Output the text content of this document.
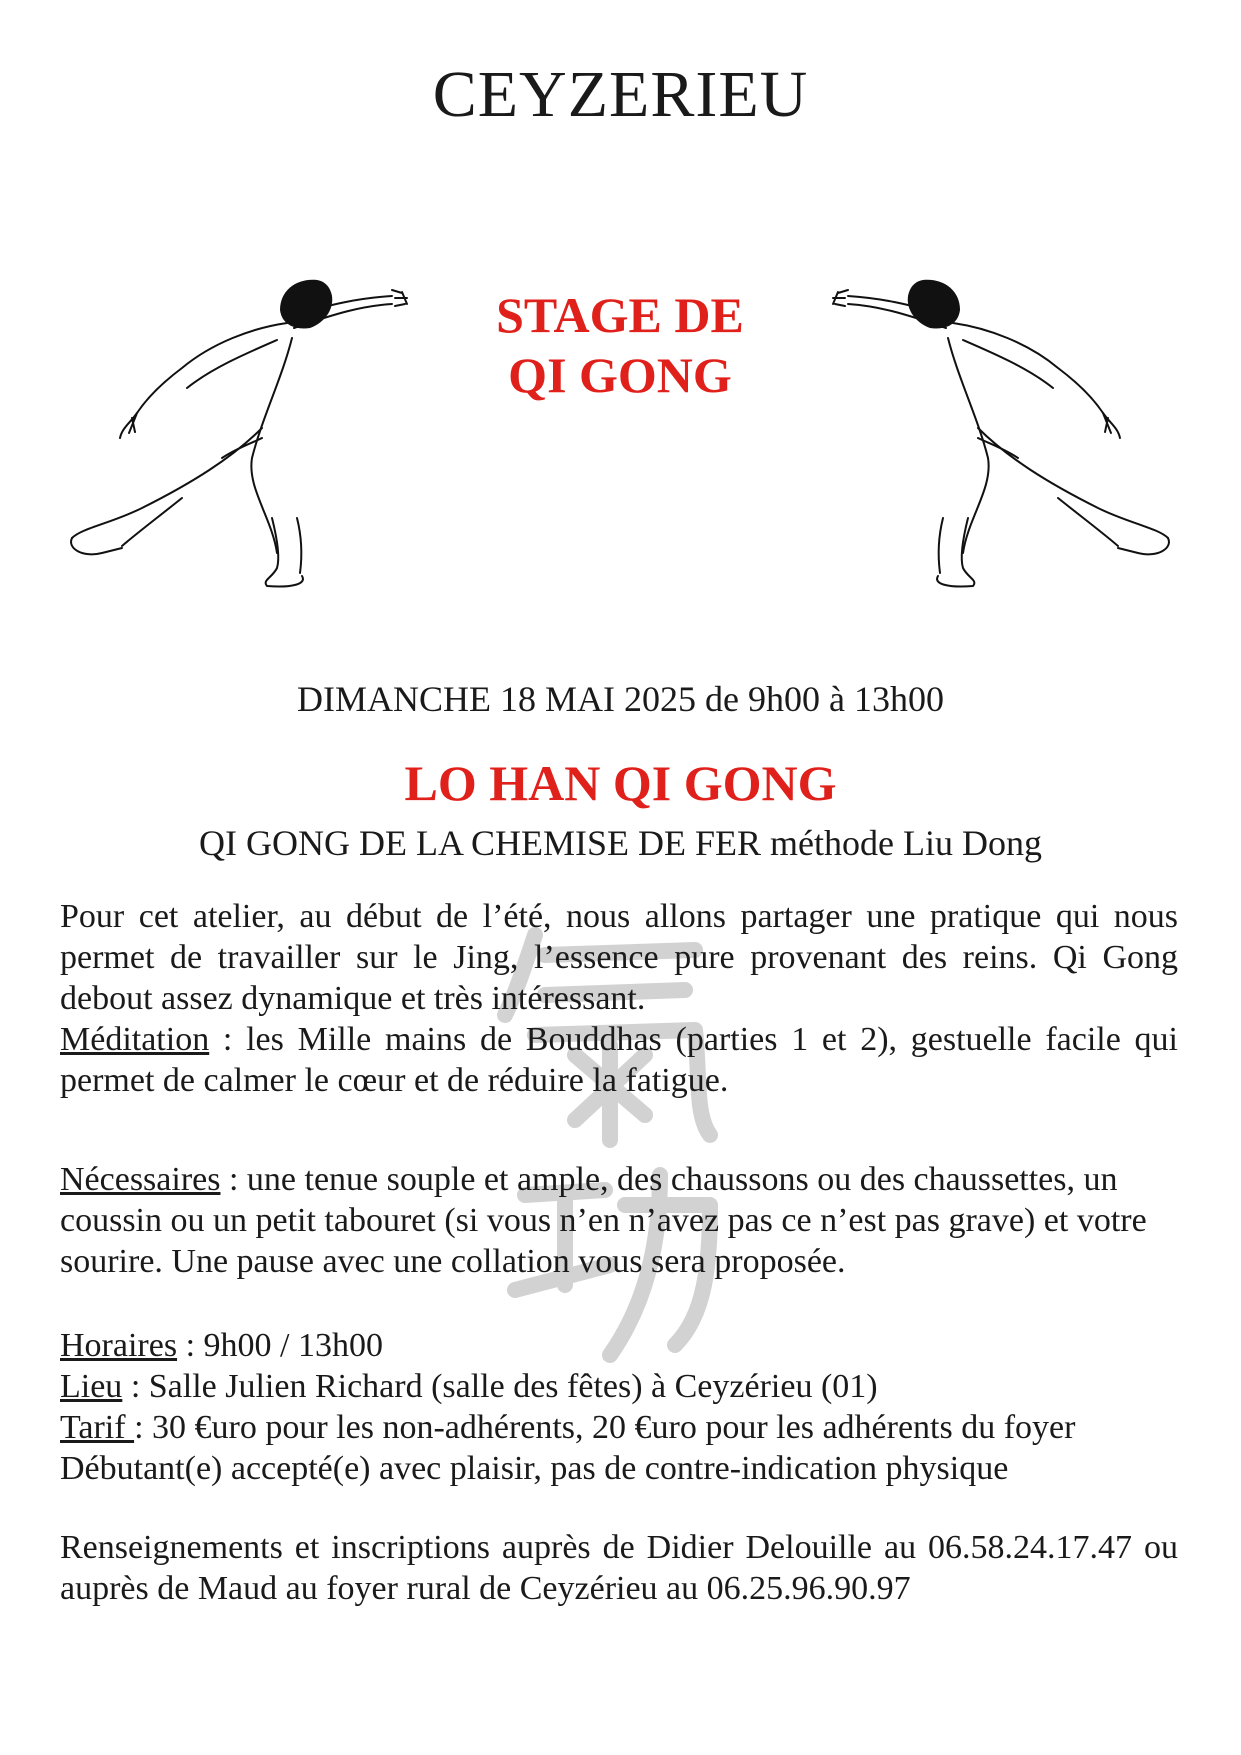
CEYZERIEU
STAGE DE
QI GONG
DIMANCHE 18 MAI 2025 de 9h00 à 13h00
LO HAN QI GONG
QI GONG DE LA CHEMISE DE FER méthode Liu Dong

Pour cet atelier, au début de l’été, nous allons partager une pratique qui nous permet de travailler sur le Jing, l’essence pure provenant des reins. Qi Gong debout assez dynamique et très intéressant.

Méditation : les Mille mains de Bouddhas (parties 1 et 2), gestuelle facile qui permet de calmer le cœur et de réduire la fatigue.

Nécessaires : une tenue souple et ample, des chaussons ou des chaussettes, un coussin ou un petit tabouret (si vous n’en n’avez pas ce n’est pas grave) et votre sourire. Une pause avec une collation vous sera proposée.

Horaires : 9h00 / 13h00

Lieu : Salle Julien Richard (salle des fêtes) à Ceyzérieu (01)

Tarif : 30 €uro pour les non-adhérents, 20 €uro pour les adhérents du foyer

Débutant(e) accepté(e) avec plaisir, pas de contre-indication physique

Renseignements et inscriptions auprès de Didier Delouille au 06.58.24.17.47 ou auprès de Maud au foyer rural de Ceyzérieu au 06.25.96.90.97
